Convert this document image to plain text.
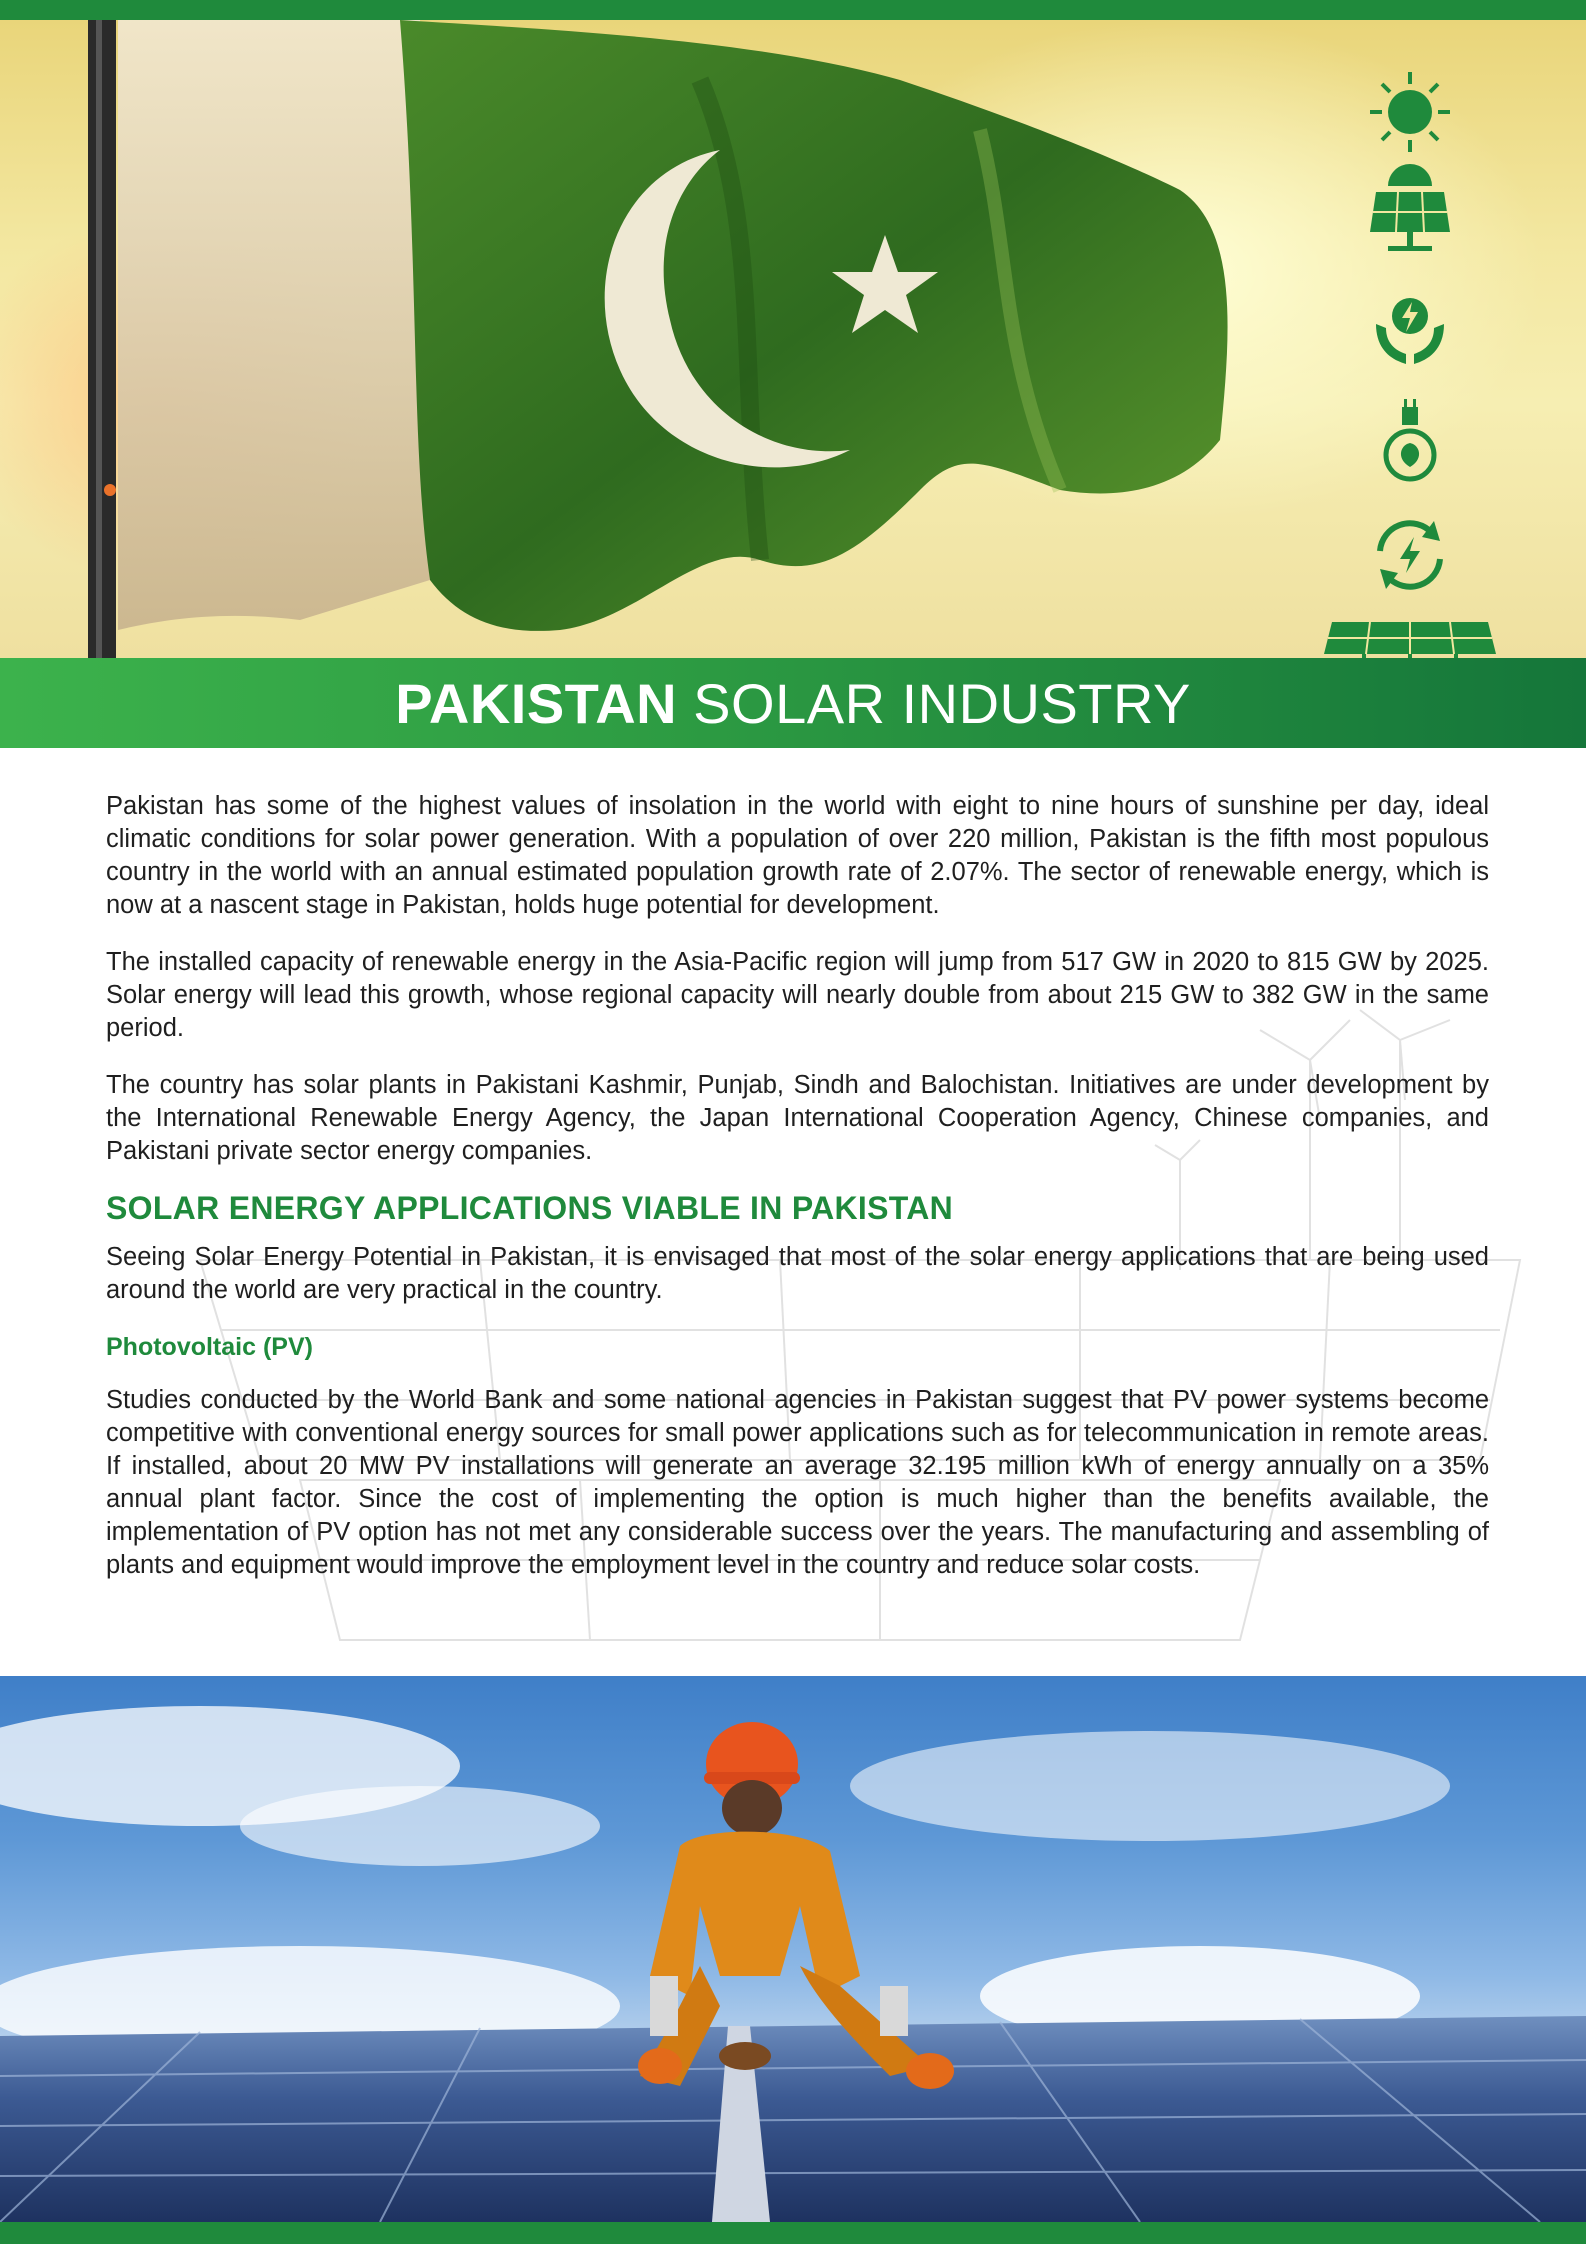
PAKISTAN SOLAR INDUSTRY

Pakistan has some of the highest values of insolation in the world with eight to nine hours of sunshine per day, ideal climatic conditions for solar power generation. With a population of over 220 million, Pakistan is the fifth most populous country in the world with an annual estimated population growth rate of 2.07%. The sector of renewable energy, which is now at a nascent stage in Pakistan, holds huge potential for development.

The installed capacity of renewable energy in the Asia-Pacific region will jump from 517 GW in 2020 to 815 GW by 2025. Solar energy will lead this growth, whose regional capacity will nearly double from about 215 GW to 382 GW in the same period.

The country has solar plants in Pakistani Kashmir, Punjab, Sindh and Balochistan. Initiatives are under development by the International Renewable Energy Agency, the Japan International Cooperation Agency, Chinese companies, and Pakistani private sector energy companies.

SOLAR ENERGY APPLICATIONS VIABLE IN PAKISTAN

Seeing Solar Energy Potential in Pakistan, it is envisaged that most of the solar energy applications that are being used around the world are very practical in the country.

Photovoltaic (PV)

Studies conducted by the World Bank and some national agencies in Pakistan suggest that PV power systems become competitive with conventional energy sources for small power applications such as for telecommunication in remote areas. If installed, about 20 MW PV installations will generate an average 32.195 million kWh of energy annually on a 35% annual plant factor. Since the cost of implementing the option is much higher than the benefits available, the implementation of PV option has not met any considerable success over the years. The manufacturing and assembling of plants and equipment would improve the employment level in the country and reduce solar costs.
